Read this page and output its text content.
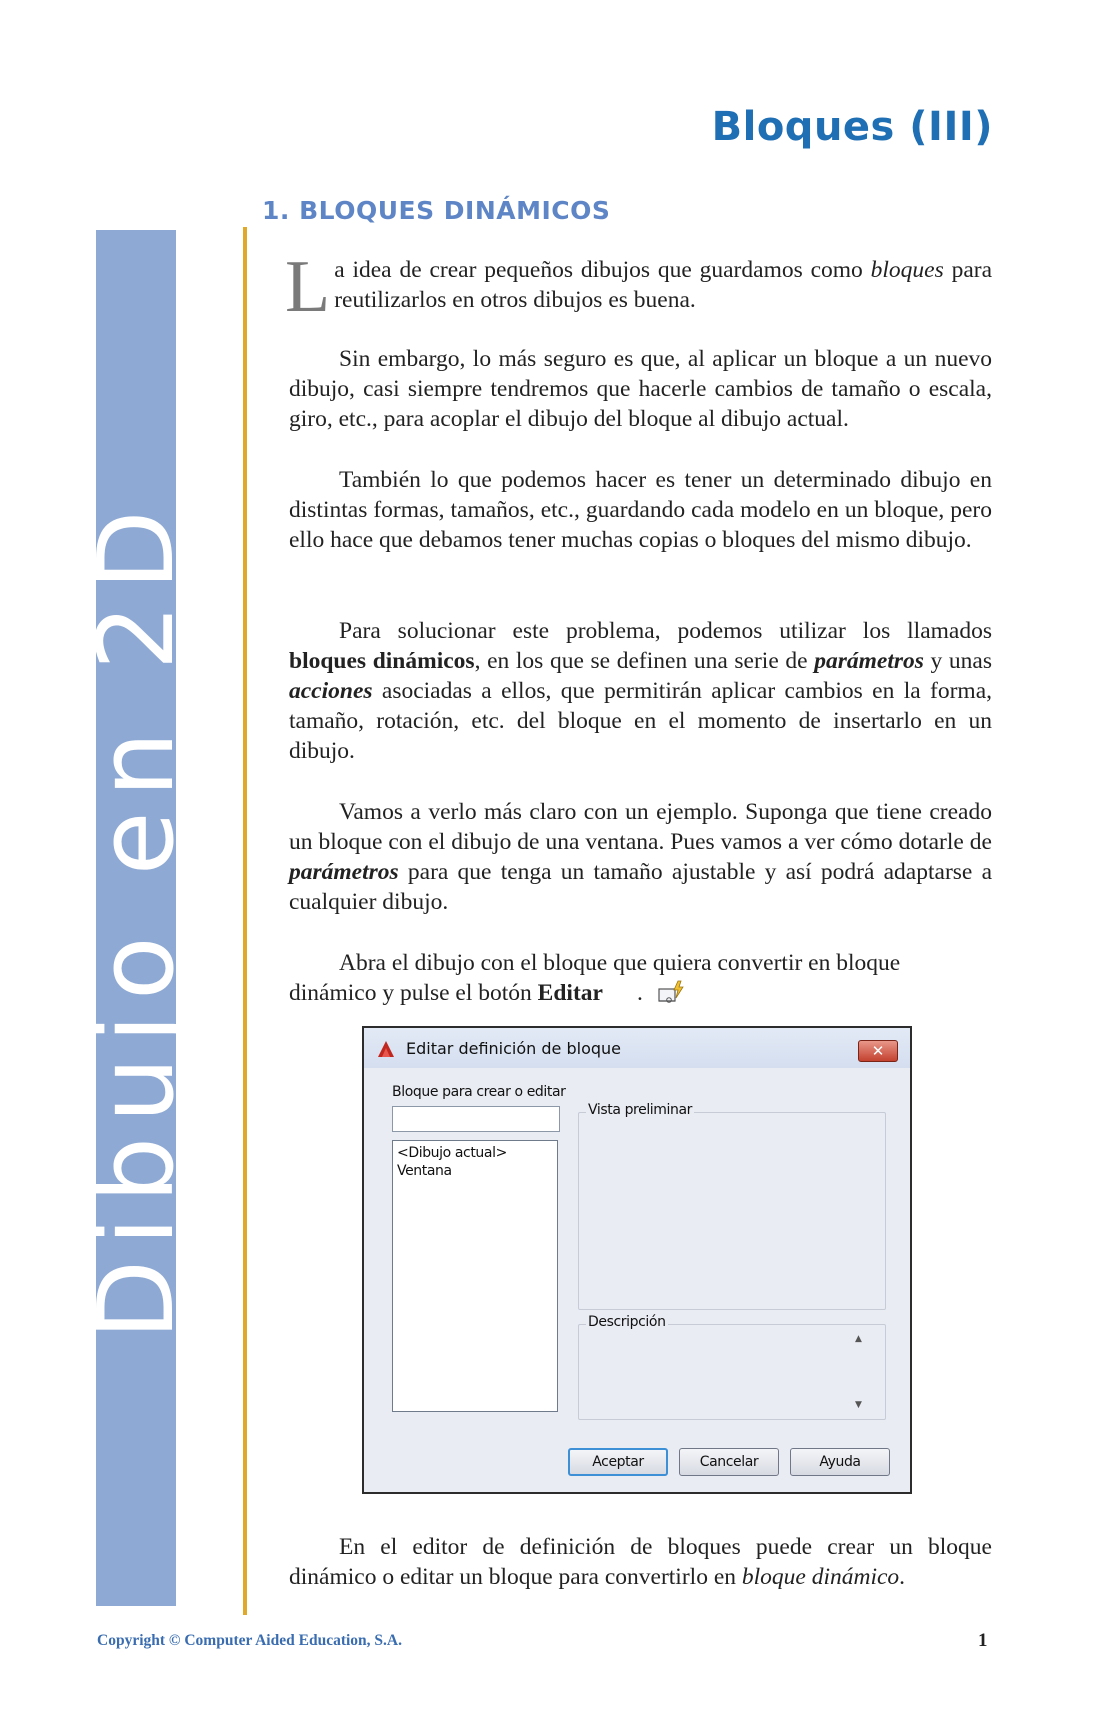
Bloques (III)
Dibujo en 2D
1. BLOQUES DINÁMICOS

La idea de crear pequeños dibujos que guardamos como bloques para reutilizarlos en otros dibujos es buena.

Sin embargo, lo más seguro es que, al aplicar un bloque a un nuevo dibujo, casi siempre tendremos que hacerle cambios de tamaño o escala, giro, etc., para acoplar el dibujo del bloque al dibujo actual.

También lo que podemos hacer es tener un determinado dibujo en distintas formas, tamaños, etc., guardando cada modelo en un bloque, pero ello hace que debamos tener muchas copias o bloques del mismo dibujo.

Para solucionar este problema, podemos utilizar los llamados bloques dinámicos, en los que se definen una serie de parámetros y unas acciones asociadas a ellos, que permitirán aplicar cambios en la forma, tamaño, rotación, etc. del bloque en el momento de insertarlo en un dibujo.

Vamos a verlo más claro con un ejemplo. Suponga que tiene creado un bloque con el dibujo de una ventana. Pues vamos a ver cómo dotarle de parámetros para que tenga un tamaño ajustable y así podrá adaptarse a cualquier dibujo.

Abra el dibujo con el bloque que quiera convertir en bloque dinámico y pulse el botón Editar .

Editar definición de bloque	✕
Bloque para crear o editar
<Dibujo actual>
Ventana
Vista preliminar
Descripción
▲
▼
Aceptar	Cancelar	Ayuda

En el editor de definición de bloques puede crear un bloque dinámico o editar un bloque para convertirlo en bloque dinámico.

Copyright © Computer Aided Education, S.A.	1
